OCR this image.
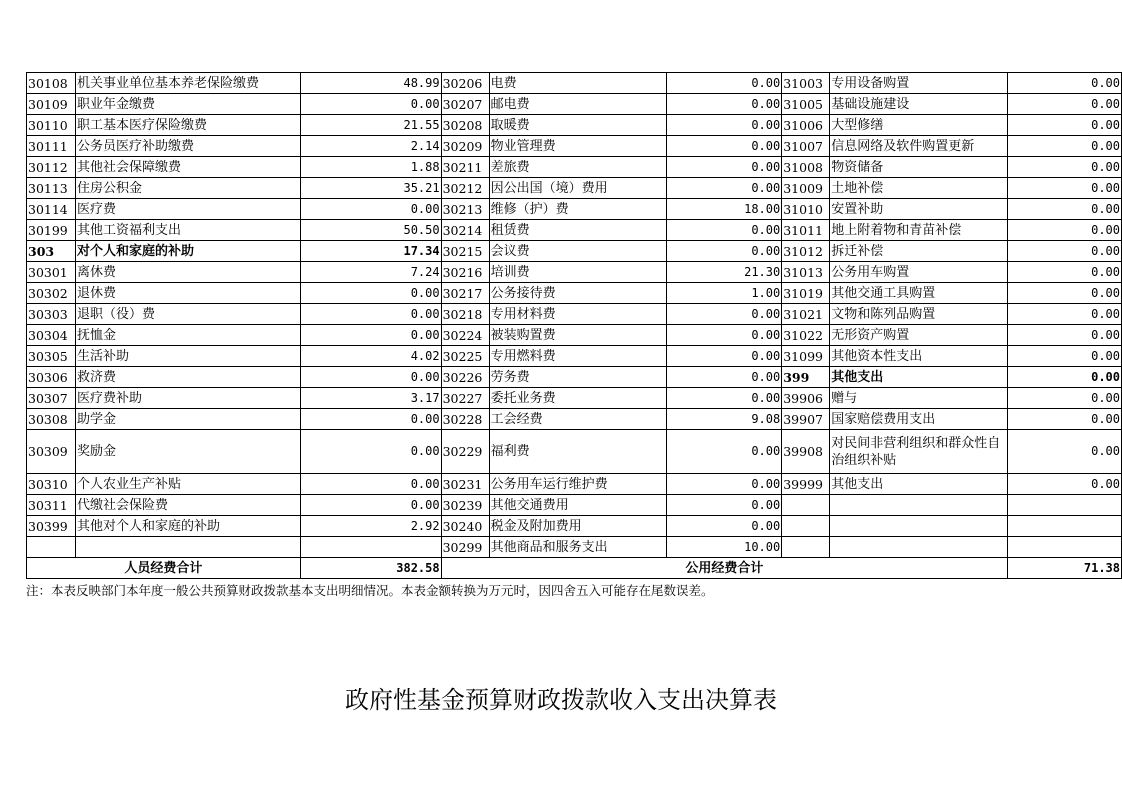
30108	机关事业单位基本养老保险缴费	48.99	30206	电费	0.00	31003	专用设备购置	0.00
30109	职业年金缴费	0.00	30207	邮电费	0.00	31005	基础设施建设	0.00
30110	职工基本医疗保险缴费	21.55	30208	取暖费	0.00	31006	大型修缮	0.00
30111	公务员医疗补助缴费	2.14	30209	物业管理费	0.00	31007	信息网络及软件购置更新	0.00
30112	其他社会保障缴费	1.88	30211	差旅费	0.00	31008	物资储备	0.00
30113	住房公积金	35.21	30212	因公出国（境）费用	0.00	31009	土地补偿	0.00
30114	医疗费	0.00	30213	维修（护）费	18.00	31010	安置补助	0.00
30199	其他工资福利支出	50.50	30214	租赁费	0.00	31011	地上附着物和青苗补偿	0.00
303	对个人和家庭的补助	17.34	30215	会议费	0.00	31012	拆迁补偿	0.00
30301	离休费	7.24	30216	培训费	21.30	31013	公务用车购置	0.00
30302	退休费	0.00	30217	公务接待费	1.00	31019	其他交通工具购置	0.00
30303	退职（役）费	0.00	30218	专用材料费	0.00	31021	文物和陈列品购置	0.00
30304	抚恤金	0.00	30224	被装购置费	0.00	31022	无形资产购置	0.00
30305	生活补助	4.02	30225	专用燃料费	0.00	31099	其他资本性支出	0.00
30306	救济费	0.00	30226	劳务费	0.00	399	其他支出	0.00
30307	医疗费补助	3.17	30227	委托业务费	0.00	39906	赠与	0.00
30308	助学金	0.00	30228	工会经费	9.08	39907	国家赔偿费用支出	0.00
30309	奖励金	0.00	30229	福利费	0.00	39908	对民间非营利组织和群众性自治组织补贴	0.00
30310	个人农业生产补贴	0.00	30231	公务用车运行维护费	0.00	39999	其他支出	0.00
30311	代缴社会保险费	0.00	30239	其他交通费用	0.00			
30399	其他对个人和家庭的补助	2.92	30240	税金及附加费用	0.00			
			30299	其他商品和服务支出	10.00			
人员经费合计		382.58	公用经费合计					71.38
注：本表反映部门本年度一般公共预算财政拨款基本支出明细情况。本表金额转换为万元时，因四舍五入可能存在尾数误差。
政府性基金预算财政拨款收入支出决算表
